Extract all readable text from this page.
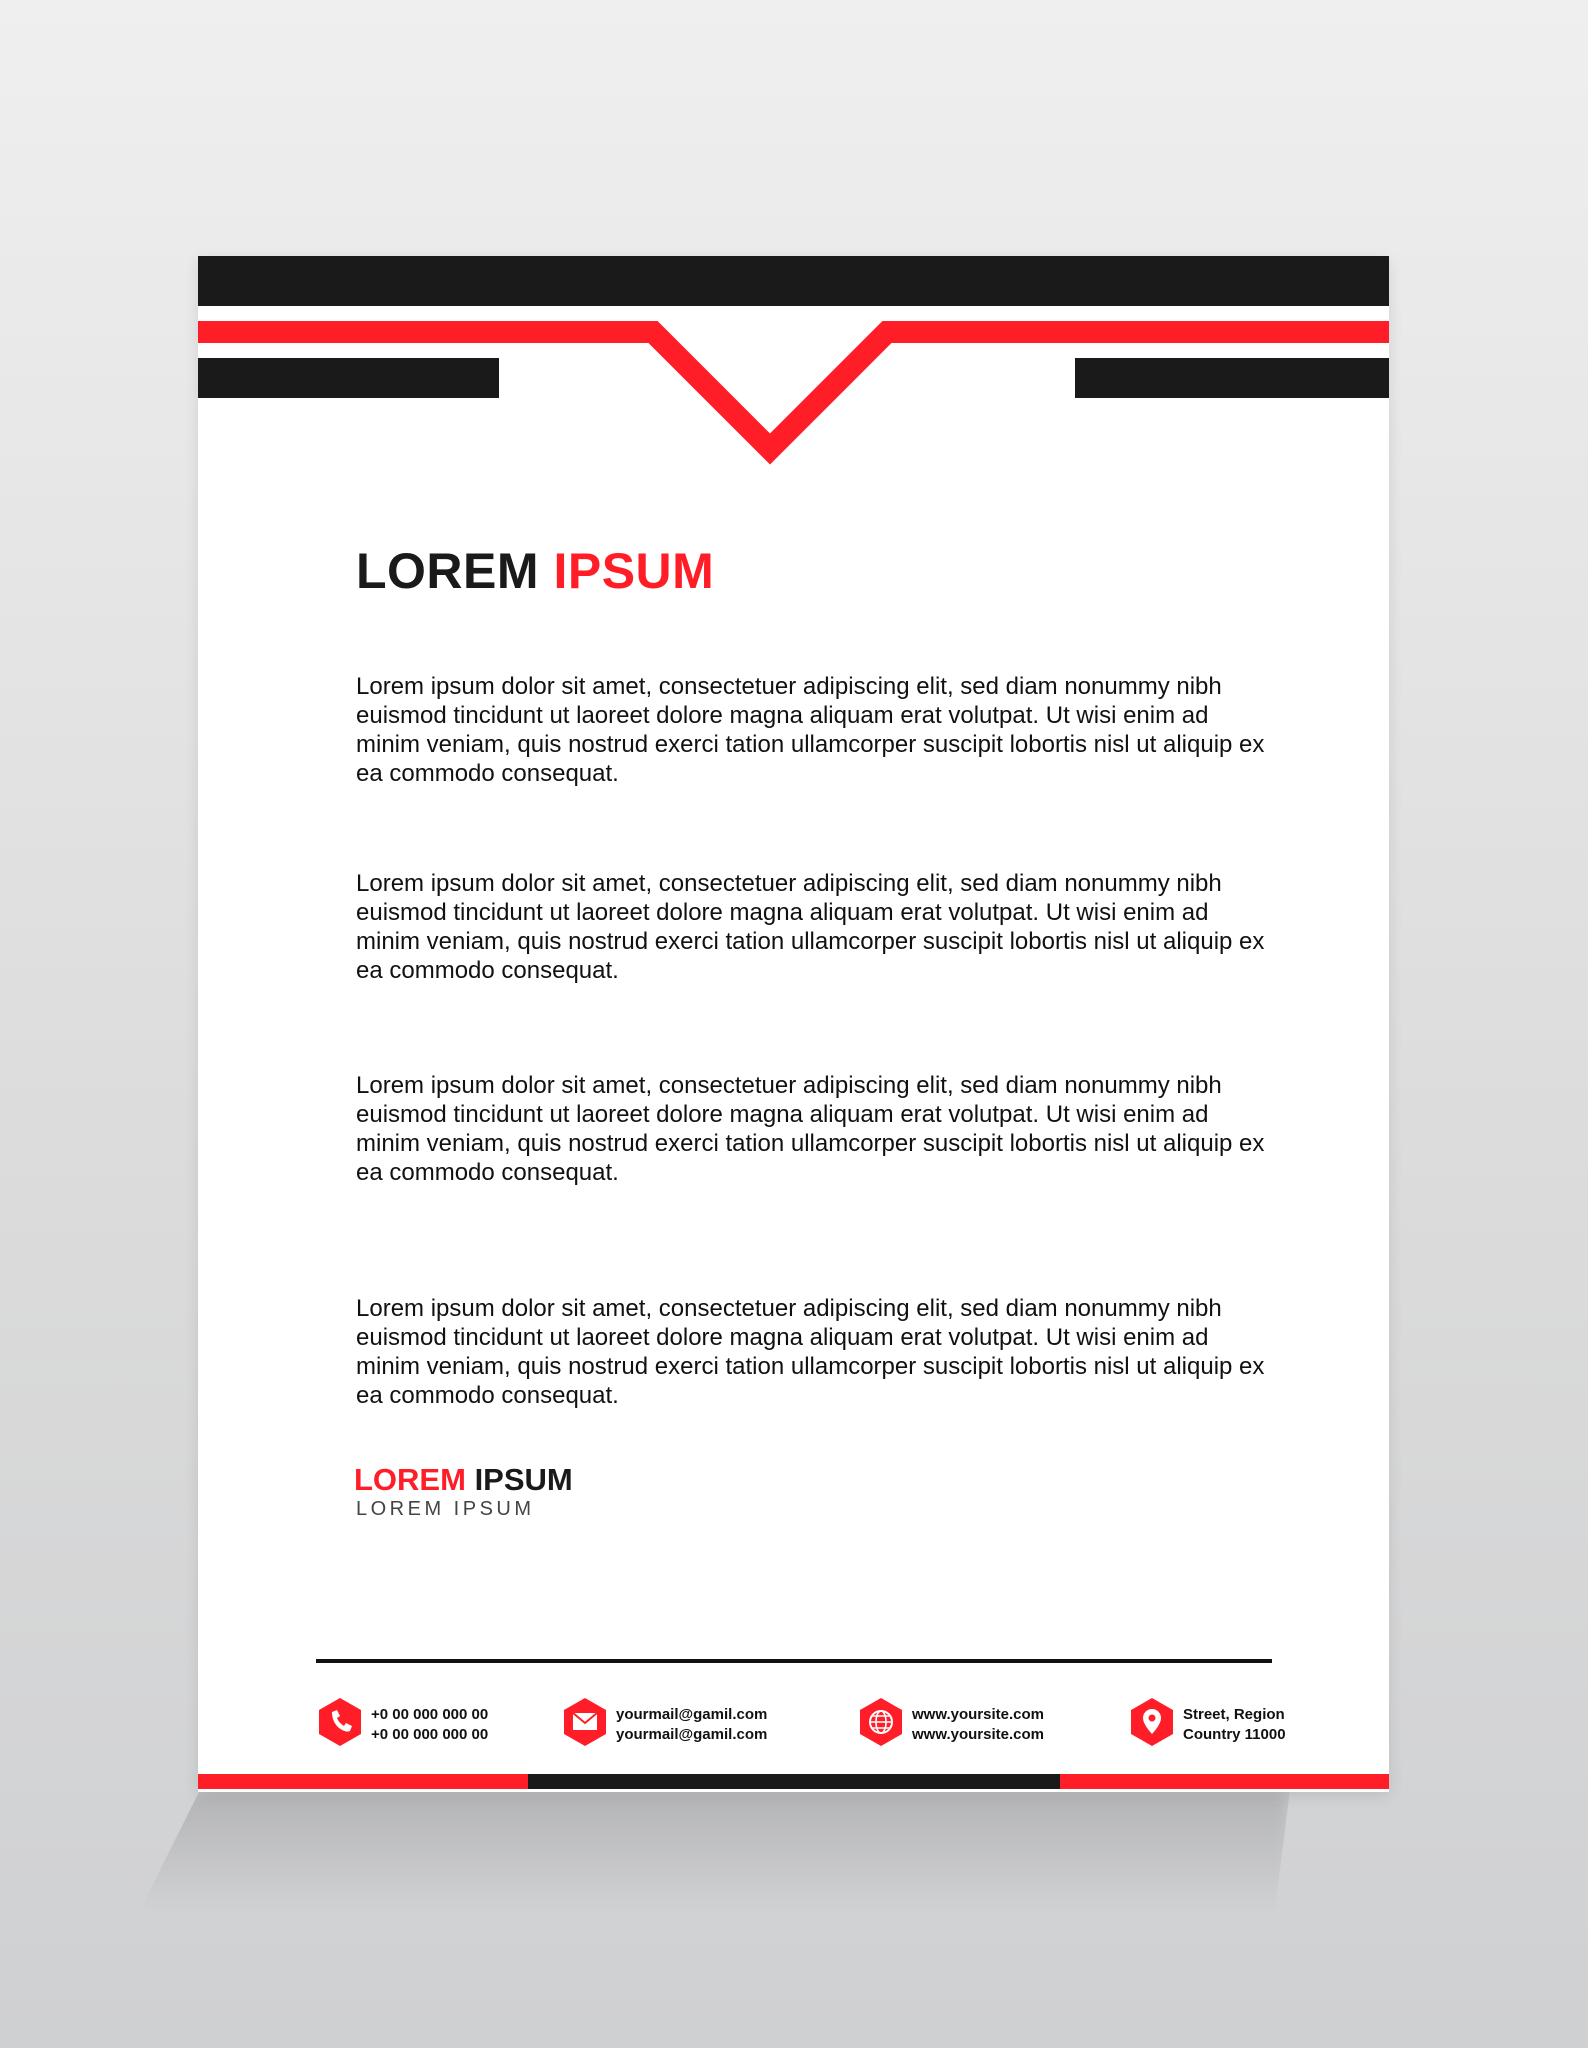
LOREM IPSUM
Lorem ipsum dolor sit amet, consectetuer adipiscing elit, sed diam nonummy nibh euismod tincidunt ut laoreet dolore magna aliquam erat volutpat. Ut wisi enim ad minim veniam, quis nostrud exerci tation ullamcorper suscipit lobortis nisl ut aliquip ex ea commodo consequat.
Lorem ipsum dolor sit amet, consectetuer adipiscing elit, sed diam nonummy nibh euismod tincidunt ut laoreet dolore magna aliquam erat volutpat. Ut wisi enim ad minim veniam, quis nostrud exerci tation ullamcorper suscipit lobortis nisl ut aliquip ex ea commodo consequat.
Lorem ipsum dolor sit amet, consectetuer adipiscing elit, sed diam nonummy nibh euismod tincidunt ut laoreet dolore magna aliquam erat volutpat. Ut wisi enim ad minim veniam, quis nostrud exerci tation ullamcorper suscipit lobortis nisl ut aliquip ex ea commodo consequat.
Lorem ipsum dolor sit amet, consectetuer adipiscing elit, sed diam nonummy nibh euismod tincidunt ut laoreet dolore magna aliquam erat volutpat. Ut wisi enim ad minim veniam, quis nostrud exerci tation ullamcorper suscipit lobortis nisl ut aliquip ex ea commodo consequat.
LOREM IPSUM
LOREM IPSUM
+0 00 000 000 00
+0 00 000 000 00
yourmail@gamil.com
yourmail@gamil.com
www.yoursite.com
www.yoursite.com
Street, Region
Country 11000
